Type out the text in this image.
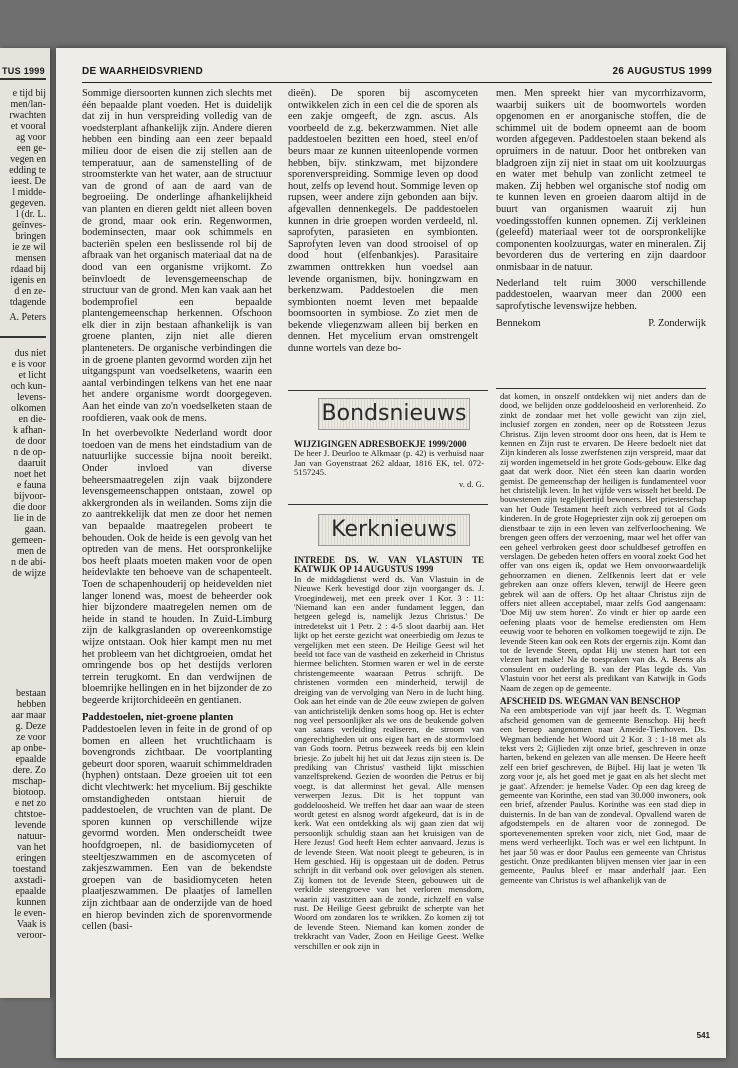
TUS 1999
e tijd bij
men/lan-
rwachten
et vooral
ag voor
een ge-
vegen en
edding te
ieest. De
l midde-
gegeven.
l (dr. L.
geïnves-
bringen
ie ze wil
mensen
rdaad bij
igenis en
d en ze-
tdagende
A. Peters
dus niet
e is voor
et licht
och kun-
levens-
olkomen
en die-
k afhan-
de door
n de op-
daaruit
noet het
e fauna
bijvoor-
die door
lie in de
gaan.
gemeen-
men de
n de abi-
de wijze
bestaan
hebben
aar maar
g. Deze
ze voor
ap onbe-
epaalde
dere. Zo
mschap-
biotoop.
e net zo
chtstoe-
levende
natuur-
van het
eringen
toestand
axstadi-
epaalde
kunnen
le even-
Vaak is
veroor-
DE WAARHEIDSVRIEND	26 AUGUSTUS 1999

Sommige diersoorten kunnen zich slechts met één bepaalde plant voeden. Het is duidelijk dat zij in hun verspreiding volledig van de voedsterplant afhankelijk zijn. Andere dieren hebben een binding aan een zeer bepaald milieu door de eisen die zij stellen aan de temperatuur, aan de samenstelling of de stroomsterkte van het water, aan de structuur van de grond of aan de aard van de begroeiing. De onderlinge afhankelijkheid van planten en dieren geldt niet alleen boven de grond, maar ook erin. Regenwormen, bodeminsecten, maar ook schimmels en bacteriën spelen een beslissende rol bij de afbraak van het organisch materiaal dat na de dood van een organisme vrijkomt. Zo beïnvloedt de levensgemeenschap de structuur van de grond. Men kan vaak aan het bodemprofiel een bepaalde plantengemeenschap herkennen. Ofschoon elk dier in zijn bestaan afhankelijk is van groene planten, zijn niet alle dieren planteneters. De organische verbindingen die in de groene planten gevormd worden zijn het uitgangspunt van voedselketens, waarin een aantal verbindingen telkens van het ene naar het andere organisme wordt doorgegeven. Aan het einde van zo'n voedselketen staan de roofdieren, vaak ook de mens.

In het overbevolkte Nederland wordt door toedoen van de mens het eindstadium van de natuurlijke successie bijna nooit bereikt. Onder invloed van diverse beheersmaatregelen zijn vaak bijzondere levensgemeenschappen ontstaan, zowel op akkergronden als in weilanden. Soms zijn die zo aantrekkelijk dat men ze door het nemen van bepaalde maatregelen probeert te behouden. Ook de heide is een gevolg van het optreden van de mens. Het oorspronkelijke bos heeft plaats moeten maken voor de open heidevlakte ten behoeve van de schapenteelt. Toen de schapenhouderij op heidevelden niet langer lonend was, moest de beheerder ook hier bijzondere maatregelen nemen om de heide in stand te houden. In Zuid-Limburg zijn de kalkgraslanden op overeenkomstige wijze ontstaan. Ook hier kampt men nu met het probleem van het dichtgroeien, omdat het omringende bos op het destijds verloren terrein terugkomt. En dan verdwijnen de bloemrijke hellingen en in het bijzonder de zo begeerde krijtorchideeën en gentianen.

Paddestoelen, niet-groene planten

Paddestoelen leven in feite in de grond of op bomen en alleen het vruchtlichaam is bovengronds zichtbaar. De voortplanting gebeurt door sporen, waaruit schimmeldraden (hyphen) ontstaan. Deze groeien uit tot een dicht vlechtwerk: het mycelium. Bij geschikte omstandigheden ontstaan hieruit de paddestoelen, de vruchten van de plant. De sporen kunnen op verschillende wijze gevormd worden. Men onderscheidt twee hoofdgroepen, nl. de basidiomyceten of steeltjeszwammen en de ascomyceten of zakjeszwammen. Een van de bekendste groepen van de basidiomyceten heten plaatjeszwammen. De plaatjes of lamellen zijn zichtbaar aan de onderzijde van de hoed en hierop bevinden zich de sporenvormende cellen (basi-

dieën). De sporen bij ascomyceten ontwikkelen zich in een cel die de sporen als een zakje omgeeft, de zgn. ascus. Als voorbeeld de z.g. bekerzwammen. Niet alle paddestoelen bezitten een hoed, steel en/of beurs maar ze kunnen uiteenlopende vormen hebben, bijv. stinkzwam, met bijzondere sporenverspreiding. Sommige leven op dood hout, zelfs op levend hout. Sommige leven op rupsen, weer andere zijn gebonden aan bijv. afgevallen dennenkegels. De paddestoelen kunnen in drie groepen worden verdeeld, nl. saprofyten, parasieten en symbionten. Saprofyten leven van dood strooisel of op dood hout (elfenbankjes). Parasitaire zwammen onttrekken hun voedsel aan levende organismen, bijv. honingzwam en berkenzwam. Paddestoelen die men symbionten noemt leven met bepaalde boomsoorten in symbiose. Zo ziet men de bekende vliegenzwam alleen bij berken en dennen. Het mycelium ervan omstrengelt dunne wortels van deze bo-

men. Men spreekt hier van mycorrhizavorm, waarbij suikers uit de boomwortels worden opgenomen en er anorganische stoffen, die de schimmel uit de bodem opneemt aan de boom worden afgegeven. Paddestoelen staan bekend als opruimers in de natuur. Door het ontbreken van bladgroen zijn zij niet in staat om uit koolzuurgas en water met behulp van zonlicht zetmeel te maken. Zij hebben wel organische stof nodig om te kunnen leven en groeien daarom altijd in de buurt van organismen waaruit zij hun voedingsstoffen kunnen opnemen. Zij verkleinen (geleefd) materiaal weer tot de oorspronkelijke componenten koolzuurgas, water en mineralen. Zij bevorderen dus de vertering en zijn daardoor onmisbaar in de natuur.

Nederland telt ruim 3000 verschillende paddestoelen, waarvan meer dan 2000 een saprofytische levenswijze hebben.

Bennekom	P. Zonderwijk
Bondsnieuws
WIJZIGINGEN ADRESBOEKJE 1999/2000

De heer J. Deurloo te Alkmaar (p. 42) is verhuisd naar Jan van Goyenstraat 262 aldaar, 1816 EK, tel. 072-5157245.

v. d. G.

Kerknieuws
INTREDE DS. W. VAN VLASTUIN TE KATWIJK OP 14 AUGUSTUS 1999

In de middagdienst werd ds. Van Vlastuin in de Nieuwe Kerk bevestigd door zijn voorganger ds. J. Vroegindeweij, met een preek over 1 Kor. 3 : 11: 'Niemand kan een ander fundament leggen, dan hetgeen gelegd is, namelijk Jezus Christus.' De intredetekst uit 1 Petr. 2 : 4-5 sloot daarbij aan. Het lijkt op het eerste gezicht wat oneerbiedig om Jezus te vergelijken met een steen. De Heilige Geest wil het beeld tot face van de vastheid en zekerheid in Christus hiermee belichten. Stormen waren er wel in de eerste christengemeente waaraan Petrus schrijft. De christenen vormden een minderheid, terwijl de dreiging van de vervolging van Nero in de lucht hing. Ook aan het einde van de 20e eeuw zwiepen de golven van antichristelijk denken soms hoog op. Het is echter nog veel persoonlijker als we ons de beukende golven van satans verleiding realiseren, de stroom van ongerechtigheden uit ons eigen hart en de stormvloed van Gods toorn. Petrus bezweek reeds bij een klein briesje. Zo jubelt hij het uit dat Jezus zijn steen is. De prediking van Christus' vastheid lijkt misschien vanzelfsprekend. Gezien de woorden die Petrus er bij voegt, is dat allerminst het geval. Alle mensen verwerpen Jezus. Dit is het toppunt van goddeloosheid. We treffen het daar aan waar de steen wordt getest en alsnog wordt afgekeurd, dat is in de kerk. Wat een ontdekking als wij gaan zien dat wij persoonlijk schuldig staan aan het kruisigen van de Here Jezus! God heeft Hem echter aanvaard. Jezus is de levende Steen. Wat nooit pleegt te gebeuren, is in Hem geschied. Hij is opgestaan uit de doden. Petrus schrijft in dit verband ook over gelovigen als stenen. Zij komen tot de levende Steen, gebouwen uit de verkilde steengroeve van het verloren mensdom, waarin zij vastzitten aan de zonde, zichzelf en valse rust. De Heilige Geest gebruikt de scherpte van het Woord om zondaren los te wrikken. Zo komen zij tot de levende Steen. Niemand kan komen zonder de trekkracht van Vader, Zoon en Heilige Geest. Welke verschillen er ook zijn in

dat komen, in onszelf ontdekken wij niet anders dan de dood, we belijden onze goddeloosheid en verlorenheid. Zo zinkt de zondaar met het volle gewicht van zijn ziel, inclusief zorgen en zonden, neer op de Rotssteen Jezus Christus. Zijn leven stroomt door ons heen, dat is Hem te kennen en Zijn rust te ervaren. De Heere bedoelt niet dat Zijn kinderen als losse zwerfstenen zijn verspreid, maar dat zij worden ingemetseld in het grote Gods-gebouw. Elke dag gaat dat werk door. Niet één steen kan daarin worden gemist. De gemeenschap der heiligen is fundamenteel voor het christelijk leven. In het vijfde vers wisselt het beeld. De bouwstenen zijn tegelijkertijd bewoners. Het priesterschap van het Oude Testament heeft zich verbreed tot al Gods kinderen. In de grote Hogepriester zijn ook zij geroepen om dienstbaar te zijn in een leven van zelfverloochening. We brengen geen offers der verzoening, maar wel het offer van een geheel verbroken geest door schuldbesef getroffen en verslagen. De gebeden heten offers en vooral zoekt God het offer van ons eigen ik, opdat we Hem onvoorwaardelijk gehoorzamen en dienen. Zelfkennis leert dat er vele gebreken aan onze offers kleven, terwijl de Heere geen gebrek wil aan de offers. Op het altaar Christus zijn de offers niet alleen acceptabel, maar zelfs God aangenaam: 'Doe Mij uw stem horen'. Zo vindt er hier op aarde een oefening plaats voor de hemelse erediensten om Hem eeuwig voor te behoren en volkomen toegewijd te zijn. De levende Steen kan ook een Rots der ergernis zijn. Komt dan tot de levende Steen, opdat Hij uw stenen hart tot een vlezen hart make! Na de toespraken van ds. A. Beens als consulent en ouderling B. van der Plas legde ds. Van Vlastuin voor het eerst als predikant van Katwijk in Gods Naam de zegen op de gemeente.

AFSCHEID DS. WEGMAN VAN BENSCHOP

Na een ambtsperiode van vijf jaar heeft ds. T. Wegman afscheid genomen van de gemeente Benschop. Hij heeft een beroep aangenomen naar Ameide-Tienhoven. Ds. Wegman bediende het Woord uit 2 Kor. 3 : 1-18 met als tekst vers 2; Gijlieden zijt onze brief, geschreven in onze harten, bekend en gelezen van alle mensen. De Heere heeft zelf een brief geschreven, de Bijbel. Hij laat je weten 'Ik zorg voor je, als het goed met je gaat en als het slecht met je gaat'. Afzender: je hemelse Vader. Op een dag kreeg de gemeente van Korinthe, een stad van 30.000 inwoners, ook een brief, afzender Paulus. Korinthe was een stad diep in duisternis. In de ban van de zondeval. Opvallend waren de afgodstempels en de altaren voor de zonnegod. De sportevenementen spreken voor zich, niet God, maar de mens werd verheerlijkt. Toch was er wel een lichtpunt. In het jaar 50 was er door Paulus een gemeente van Christus gesticht. Onze predikanten blijven mensen vier jaar in een gemeente, Paulus bleef er maar anderhalf jaar. Een gemeente van Christus is wel afhankelijk van de

541
